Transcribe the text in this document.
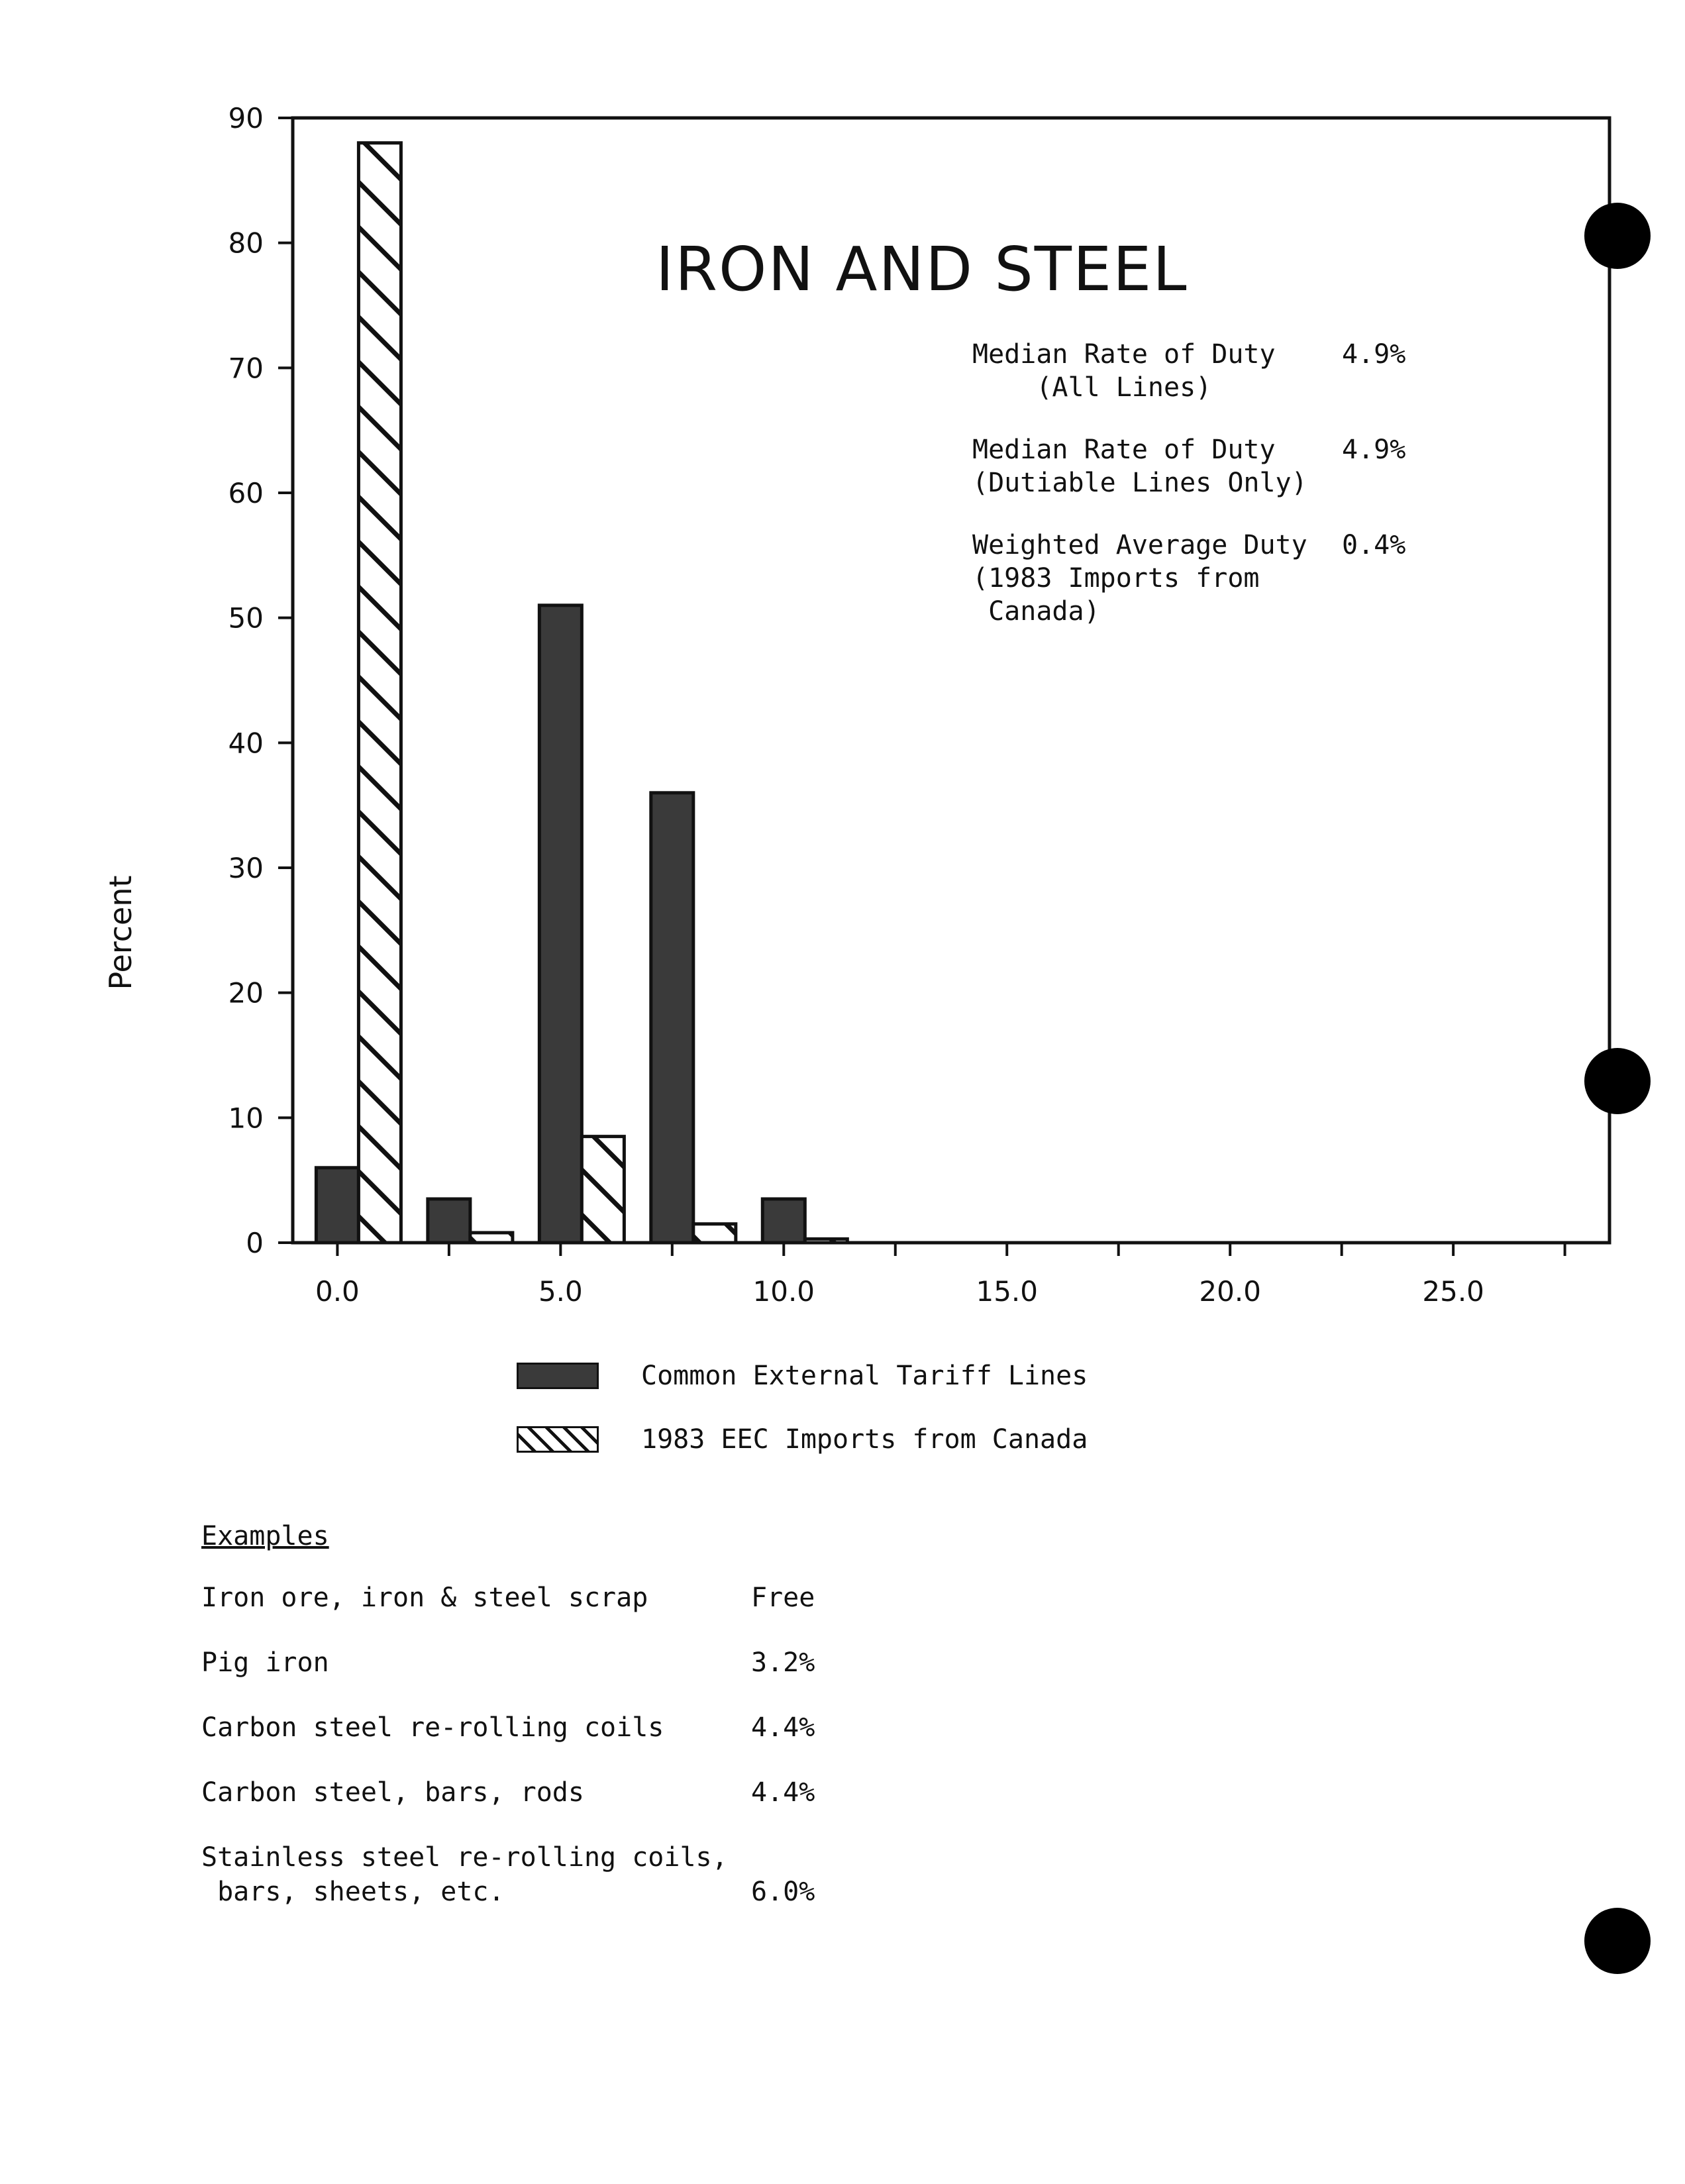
0
10
20
30
40
50
60
70
80
90
0.0	5.0	10.0	15.0	20.0	25.0
IRON AND STEEL
Median Rate of Duty	4.9%
(All Lines)
Median Rate of Duty	4.9%
(Dutiable Lines Only)
Weighted Average Duty 0.4%
(1983 Imports from
Canada)
Percent
Common External Tariff Lines
1983 EEC Imports from Canada
Examples
Iron ore, iron & steel scrap	Free
Pig iron	3.2%
Carbon steel re-rolling coils	4.4%
Carbon steel, bars, rods	4.4%
Stainless steel re-rolling coils,
bars, sheets, etc.	6.0%
